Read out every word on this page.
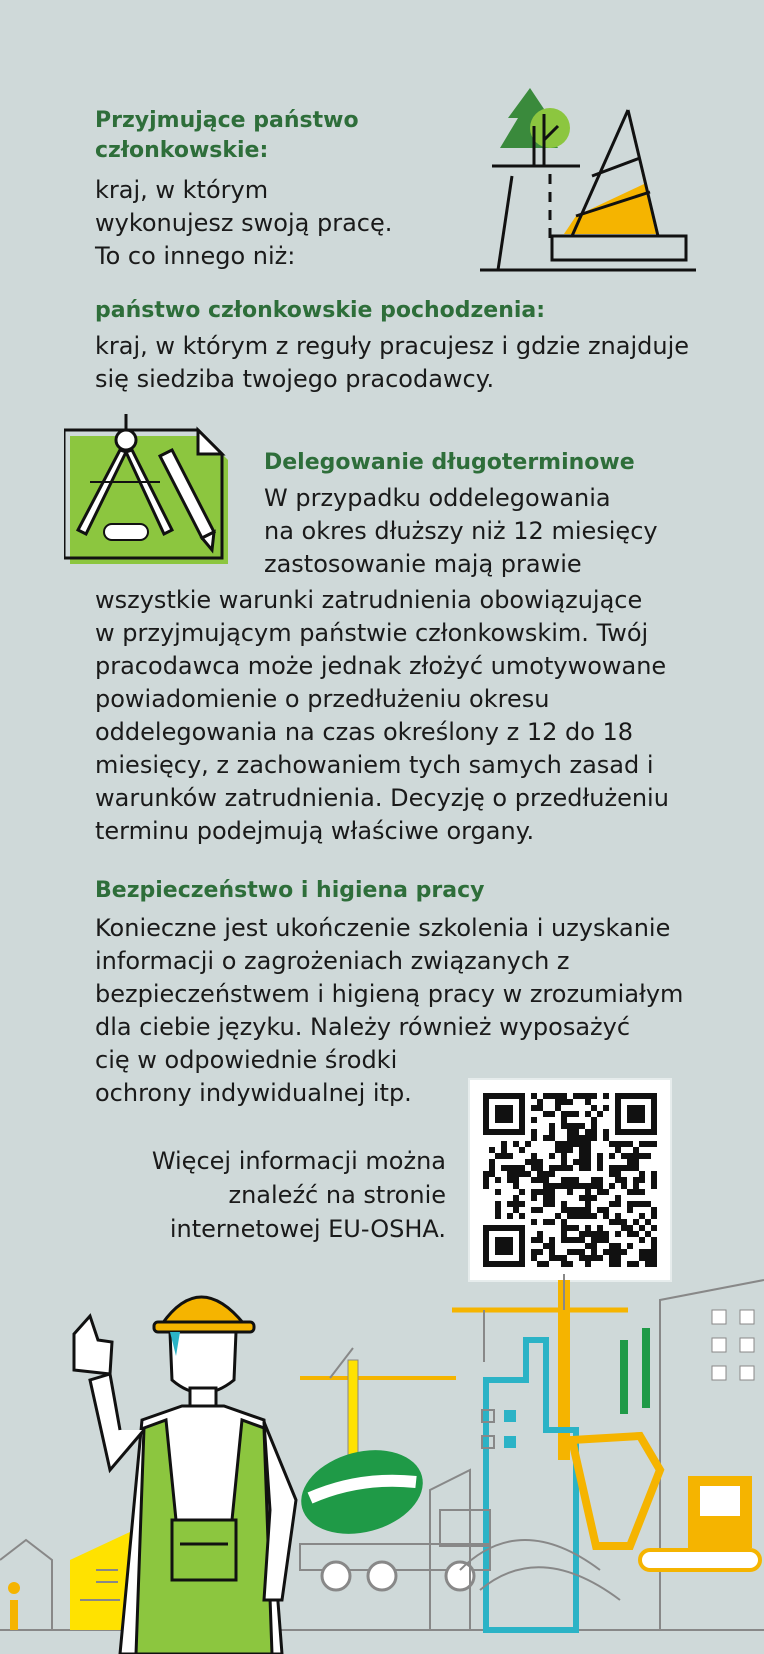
Przyjmujące państwo
członkowskie:
kraj, w którym
wykonujesz swoją pracę.
To co innego niż:
państwo członkowskie pochodzenia:
kraj, w którym z reguły pracujesz i gdzie znajduje
się siedziba twojego pracodawcy.
Delegowanie długoterminowe
W przypadku oddelegowania
na okres dłuższy niż 12 miesięcy
zastosowanie mają prawie
wszystkie warunki zatrudnienia obowiązujące
w przyjmującym państwie członkowskim. Twój
pracodawca może jednak złożyć umotywowane
powiadomienie o przedłużeniu okresu
oddelegowania na czas określony z 12 do 18
miesięcy, z zachowaniem tych samych zasad i
warunków zatrudnienia. Decyzję o przedłużeniu
terminu podejmują właściwe organy.
Bezpieczeństwo i higiena pracy
Konieczne jest ukończenie szkolenia i uzyskanie
informacji o zagrożeniach związanych z
bezpieczeństwem i higieną pracy w zrozumiałym
dla ciebie języku. Należy również wyposażyć
cię w odpowiednie środki
ochrony indywidualnej itp.
Więcej informacji można
znaleźć na stronie
internetowej EU-OSHA.
